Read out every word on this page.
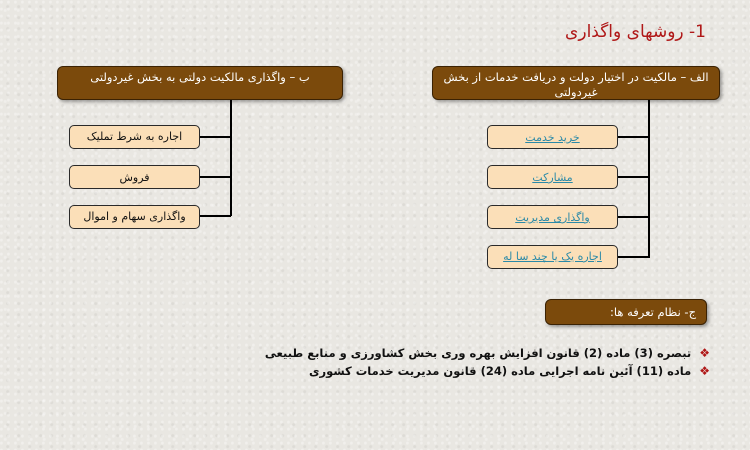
1- روشهای واگذاری
الف – مالکیت در اختیار دولت و دریافت خدمات از بخش غیردولتی
خرید خدمت
مشارکت
واگذاری مدیریت
اجاره یک یا چند سا له
ب – واگذاری مالکیت دولتی به بخش غیردولتی
اجاره به شرط تملیک
فروش
واگذاری سهام و اموال
ج- نظام تعرفه ها:
❖
تبصره (3) ماده (2) قانون افزایش بهره وری بخش کشاورزی و منابع طبیعی
❖
ماده (11) آئین نامه اجرایی ماده (24) قانون مدیریت خدمات کشوری
